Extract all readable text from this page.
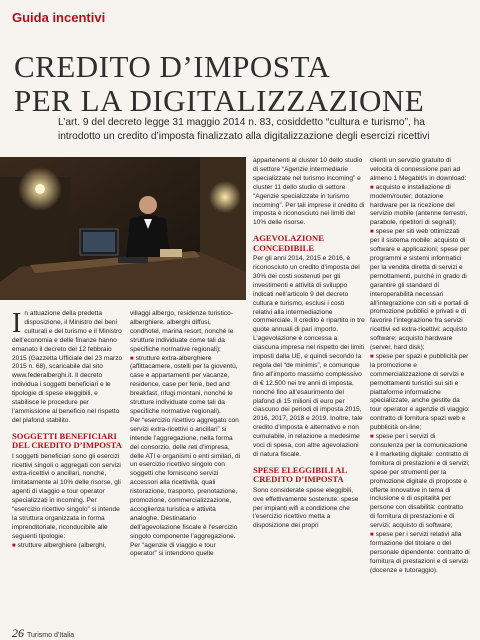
Guida incentivi
CREDITO D’IMPOSTA
PER LA DIGITALIZZAZIONE
L’art. 9 del decreto legge 31 maggio 2014 n. 83, cosiddetto “cultura e turismo”, ha introdotto un credito d’imposta finalizzato alla digitalizzazione degli esercizi ricettivi

In attuazione della predetta disposizione, il Ministro dei beni culturali e del turismo e il Ministro dell’economia e delle finanze hanno emanato il decreto del 12 febbraio 2015 (Gazzetta Ufficiale del 23 marzo 2015 n. 68), scaricabile dal sito www.federalberghi.it. Il decreto individua i soggetti beneficiari e le tipologie di spese eleggibili, e stabilisce le procedure per l’ammissione al beneficio nel rispetto del plafond stabilito.

SOGGETTI BENEFICIARI DEL CREDITO D’IMPOSTA

I soggetti beneficiari sono gli esercizi ricettivi singoli o aggregati con servizi extra-ricettivi o ancillari, nonché, limitatamente al 10% delle risorse, gli agenti di viaggio e tour operator specializzati in incoming. Per “esercizio ricettivo singolo” si intende la struttura organizzata in forma imprenditoriale, riconducibile alle seguenti tipologie:

■ strutture alberghiere (alberghi,

villaggi albergo, residenze turistico-alberghiere, alberghi diffusi, condhotel, marina resort, nonché le strutture individuate come tali da specifiche normative regionali);

■ strutture extra-alberghiere (affittacamere, ostelli per la gioventù, case e appartamenti per vacanze, residence, case per ferie, bed and breakfast, rifugi montani, nonché le strutture individuate come tali da specifiche normative regionali).

Per “esercizio ricettivo aggregato con servizi extra-ricettivi o ancillari” si intende l’aggregazione, nella forma del consorzio, delle reti d’impresa, delle ATI e organismi o enti similari, di un esercizio ricettivo singolo con soggetti che forniscono servizi accessori alla ricettività, quali ristorazione, trasporto, prenotazione, promozione, commercializzazione, accoglienza turistica e attività analoghe. Destinatario dell’agevolazione fiscale è l’esercizio singolo componente l’aggregazione.

Per “agenzie di viaggio e tour operator” si intendono quelle

appartenenti al cluster 10 dello studio di settore “Agenzie intermediarie specializzate nel turismo incoming” e cluster 11 dello studio di settore “Agenzie specializzate in turismo incoming”. Per tali imprese il credito di imposta è riconosciuto nei limiti del 10% delle risorse.

AGEVOLAZIONE CONCEDIBILE

Per gli anni 2014, 2015 e 2016, è riconosciuto un credito d’imposta del 30% dei costi sostenuti per gli investimenti e attività di sviluppo indicati nell’articolo 9 del decreto cultura e turismo, esclusi i costi relativi alla intermediazione commerciale. Il credito è ripartito in tre quote annuali di pari importo.

L’agevolazione è concessa a ciascuna impresa nel rispetto dei limiti imposti dalla UE, e quindi secondo la regola del “de minimis”, e comunque fino all’importo massimo complessivo di € 12.500 nei tre anni di imposta, nonché fino all’esaurimento del plafond di 15 milioni di euro per ciascuno dei periodi di imposta 2015, 2016, 2017, 2018 e 2019. Inoltre, tale credito d’imposta è alternativo e non cumulabile, in relazione a medesime voci di spesa, con altre agevolazioni di natura fiscale.

SPESE ELEGGIBILI AL CREDITO D’IMPOSTA

Sono considerate spese eleggibili, ove effettivamente sostenute: spese per impianti wifi a condizione che l’esercizio ricettivo metta a disposizione dei propri

clienti un servizio gratuito di velocità di connessione pari ad almeno 1 Megabit/s in download:

■ acquisto e installazione di modem/router; dotazione hardware per la ricezione del servizio mobile (antenne terrestri, parabole, ripetitori di segnali);

■ spese per siti web ottimizzati per il sistema mobile: acquisto di software e applicazioni; spese per programmi e sistemi informatici per la vendita diretta di servizi e pernottamenti, purché in grado di garantire gli standard di interoperabilità necessari all’integrazione con siti e portali di promozione pubblici e privati e di favorire l’integrazione fra servizi ricettivi ed extra-ricettivi: acquisto software; acquisto hardware (server, hard disk);

■ spese per spazi e pubblicità per la promozione e commercializzazione di servizi e pernottamenti turistici sui siti e piattaforme informatiche specializzate, anche gestite da tour operator e agenzie di viaggio: contratto di fornitura spazi web e pubblicità on-line;

■ spese per i servizi di consulenza per la comunicazione e il marketing digitale: contratto di fornitura di prestazioni e di servizi; spese per strumenti per la promozione digitale di proposte e offerte innovative in tema di inclusione e di ospitalità per persone con disabilità: contratto di fornitura di prestazioni e di servizi; acquisto di software;

■ spese per i servizi relativi alla formazione del titolare o del personale dipendente: contratto di fornitura di prestazioni e di servizi (docenze e tutoraggio).

26 Turismo d’Italia
